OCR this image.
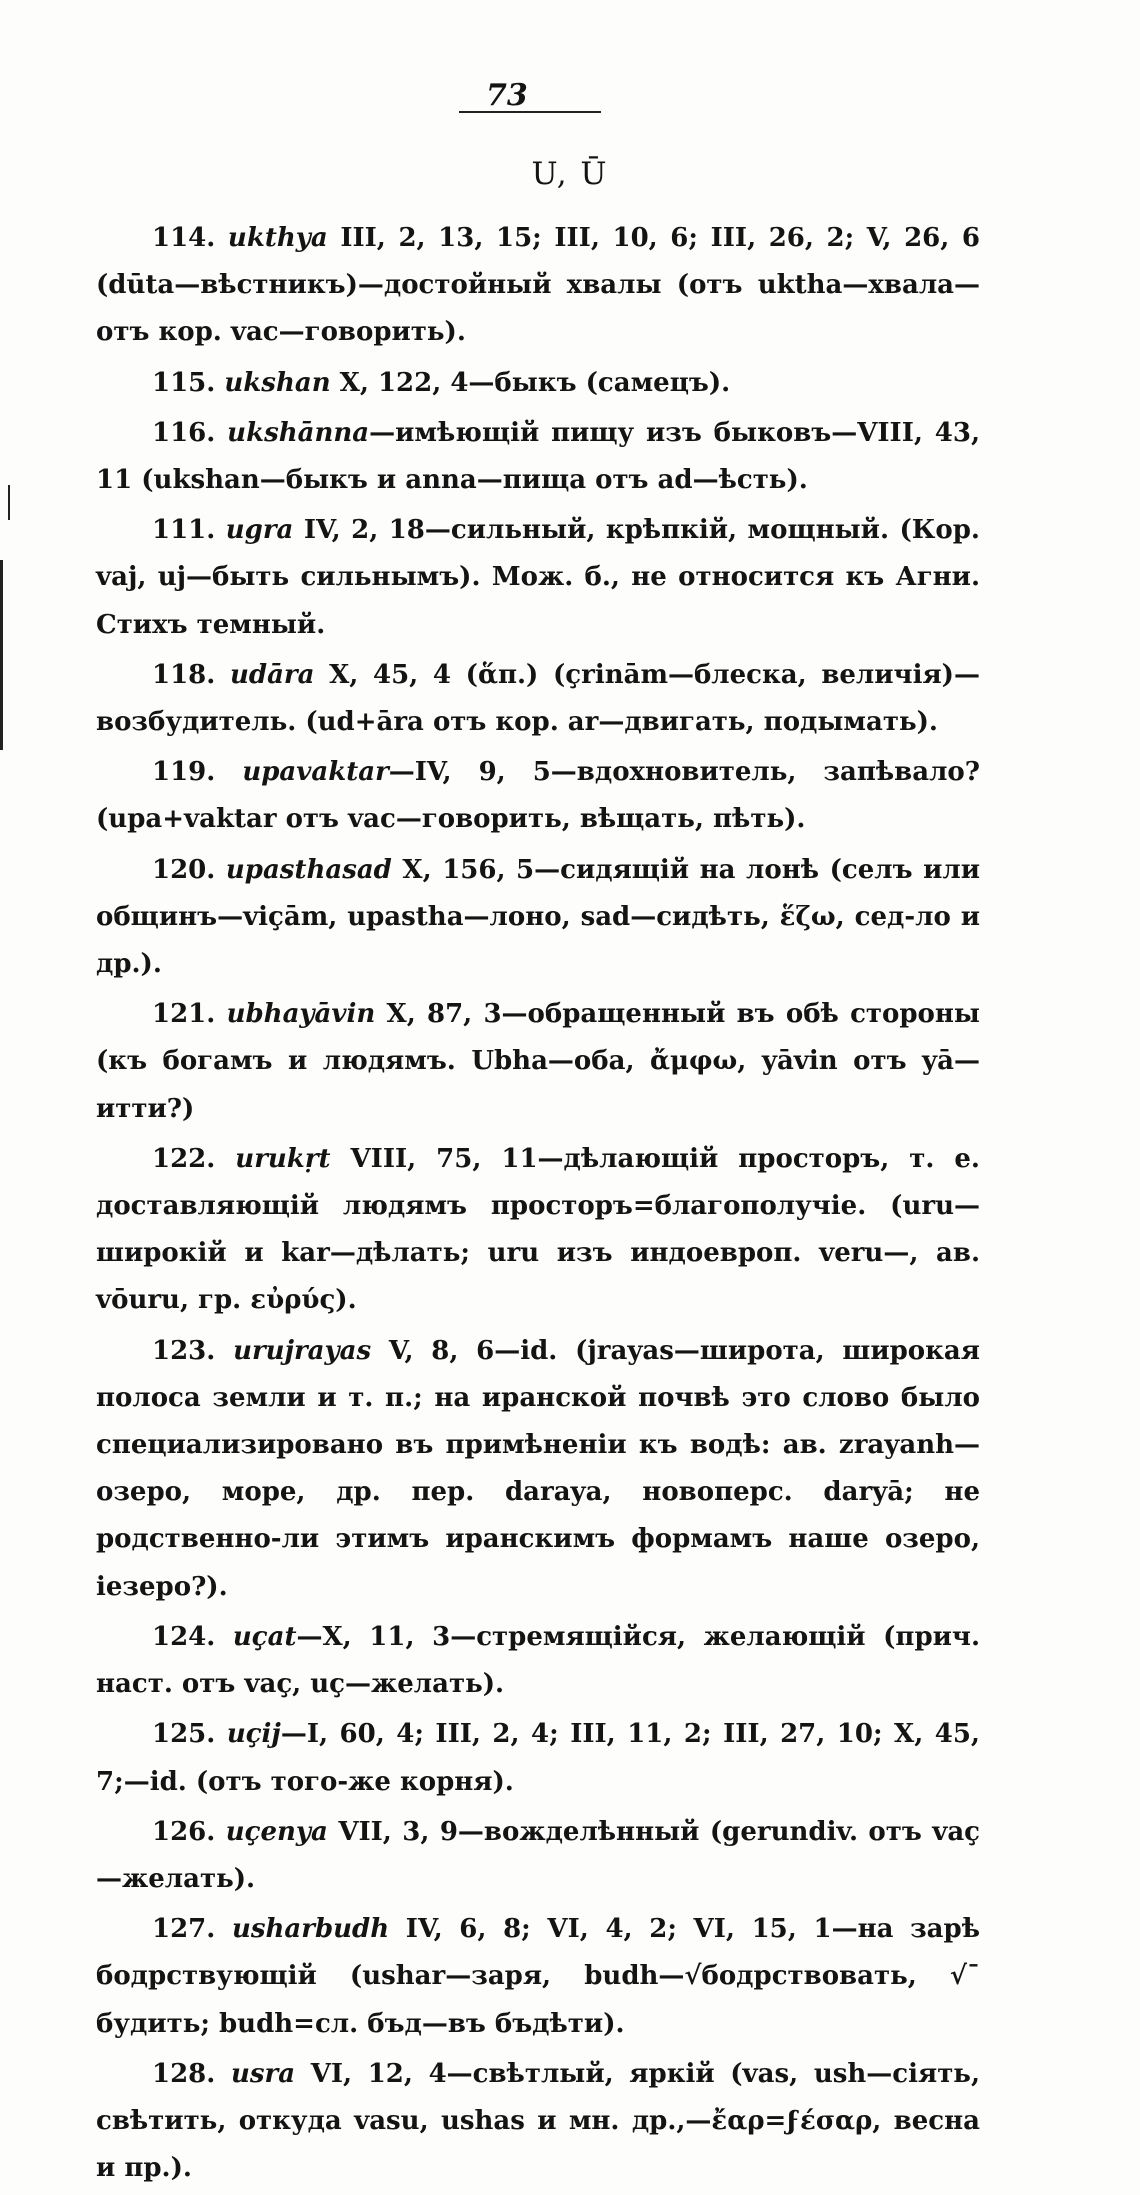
73
U, Ū

114. ukthya III, 2, 13, 15; III, 10, 6; III, 26, 2; V, 26, 6 (dūta—вѣстникъ)—достойный хвалы (отъ uktha—хвала—отъ кор. vac—говорить).

115. ukshan X, 122, 4—быкъ (самецъ).

116. ukshānna—имѣющій пищу изъ быковъ—VIII, 43, 11 (ukshan—быкъ и anna—пища отъ ad—ѣсть).

111. ugra IV, 2, 18—сильный, крѣпкій, мощный. (Кор. vaj, uj—быть сильнымъ). Мож. б., не относится къ Агни. Стихъ темный.

118. udāra X, 45, 4 (ἅπ.) (çrinām—блеска, величія)—возбудитель. (ud+āra отъ кор. ar—двигать, подымать).

119. upavaktar—IV, 9, 5—вдохновитель, запѣвало? (upa+vaktar отъ vac—говорить, вѣщать, пѣть).

120. upasthasad X, 156, 5—сидящій на лонѣ (селъ или общинъ—viçām, upastha—лоно, sad—сидѣть, ἕζω, сед-ло и др.).

121. ubhayāvin X, 87, 3—обращенный въ обѣ стороны (къ богамъ и людямъ. Ubha—оба, ἄμφω, yāvin отъ yā—итти?)

122. urukṛt VIII, 75, 11—дѣлающій просторъ, т. е. доставляющій людямъ просторъ=благополучіе. (uru—широкій и kar—дѣлать; uru изъ индоевроп. veru—, ав. vōuru, гр. εὐρύς).

123. urujrayas V, 8, 6—id. (jrayas—широта, широкая полоса земли и т. п.; на иранской почвѣ это слово было специализировано въ примѣненіи къ водѣ: ав. zrayanh—озеро, море, др. пер. daraya, новоперс. daryā; не родственно-ли этимъ иранскимъ формамъ наше озеро, іезеро?).

124. uçat—X, 11, 3—стремящійся, желающій (прич. наст. отъ vaç, uç—желать).

125. uçij—I, 60, 4; III, 2, 4; III, 11, 2; III, 27, 10; X, 45, 7;—id. (отъ того-же корня).

126. uçenya VII, 3, 9—вожделѣнный (gerundiv. отъ vaç—желать).

127. usharbudh IV, 6, 8; VI, 4, 2; VI, 15, 1—на зарѣ бодрствующій (ushar—заря, budh—√бодрствовать, √¯ будить; budh=сл. бъд—въ бъдѣти).

128. usra VI, 12, 4—свѣтлый, яркій (vas, ush—сіять, свѣтить, откуда vasu, ushas и мн. др.,—ἔαρ=ϝέσαρ, весна и пр.).
